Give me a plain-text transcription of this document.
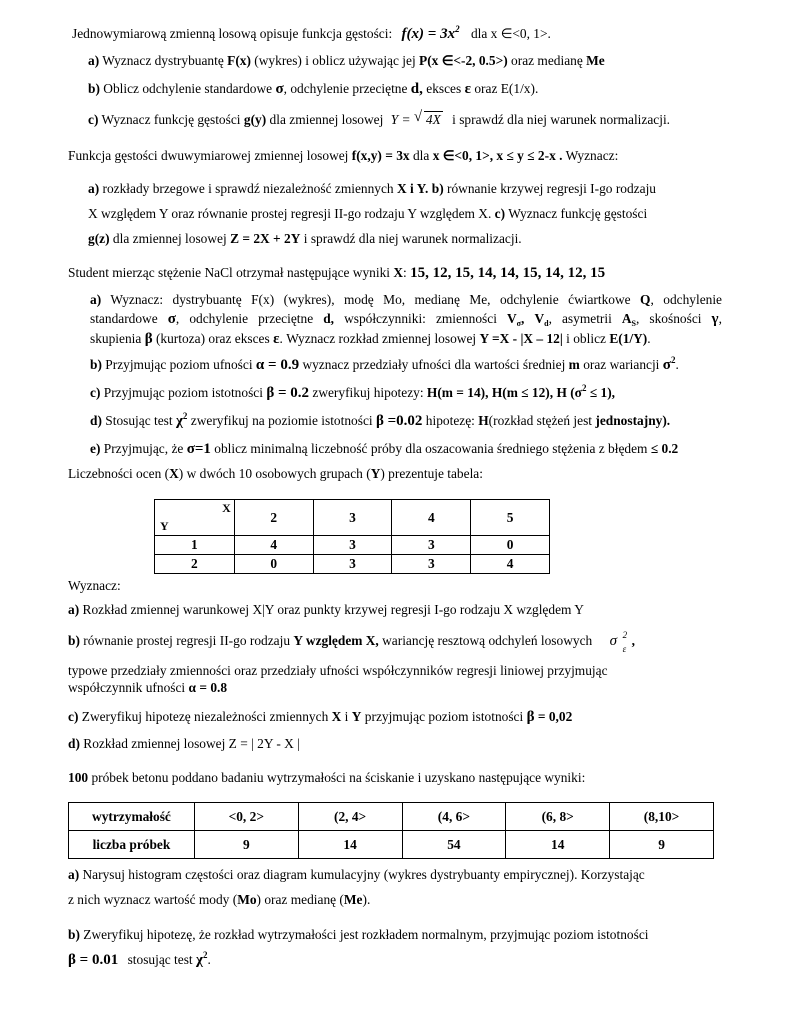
Jednowymiarową zmienną losową opisuje funkcja gęstości: $f(x) = 3x^2$ dla x ∈<0, 1>.
a) Wyznacz dystrybuantę F(x) (wykres) i oblicz używając jej P(x ∈<-2, 0.5>) oraz medianę Me
b) Oblicz odchylenie standardowe σ, odchylenie przeciętne d, eksces ε oraz E(1/x).
c) Wyznacz funkcję gęstości g(y) dla zmiennej losowej Y = √ 4X i sprawdź dla niej warunek normalizacji.
Funkcja gęstości dwuwymiarowej zmiennej losowej f(x,y) = 3x dla x ∈<0, 1>, x ≤ y ≤ 2-x . Wyznacz:
a) rozkłady brzegowe i sprawdź niezależność zmiennych X i Y. b) równanie krzywej regresji I-go rodzaju
X względem Y oraz równanie prostej regresji II-go rodzaju Y względem X. c) Wyznacz funkcję gęstości
g(z) dla zmiennej losowej Z = 2X + 2Y i sprawdź dla niej warunek normalizacji.
Student mierząc stężenie NaCl otrzymał następujące wyniki X: 15, 12, 15, 14, 14, 15, 14, 12, 15
a) Wyznacz: dystrybuantę F(x) (wykres), modę Mo, medianę Me, odchylenie ćwiartkowe Q, odchylenie
standardowe σ, odchylenie przeciętne d, współczynniki: zmienności $V_\sigma$, $V_d$, asymetrii $A_S$, skośności γ,
skupienia β (kurtoza) oraz eksces ε. Wyznacz rozkład zmiennej losowej Y =X - |X – 12| i oblicz E(1/Y).
b) Przyjmując poziom ufności α = 0.9 wyznacz przedziały ufności dla wartości średniej m oraz wariancji $\sigma^2$.
c) Przyjmując poziom istotności β = 0.2 zweryfikuj hipotezy: H(m = 14), H(m ≤ 12), H $(\sigma^2 \le 1)$,
d) Stosując test $\chi^2$ zweryfikuj na poziomie istotności β =0.02 hipotezę: H(rozkład stężeń jest jednostajny).
e) Przyjmując, że σ=1 oblicz minimalną liczebność próby dla oszacowania średniego stężenia z błędem ≤ 0.2
Liczebności ocen (X) w dwóch 10 osobowych grupach (Y) prezentuje tabela:
X
Y	2	3	4	5
1	4	3	3	0
2	0	3	3	4
Wyznacz:
a) Rozkład zmiennej warunkowej X|Y oraz punkty krzywej regresji I-go rodzaju X względem Y
b) równanie prostej regresji II-go rodzaju Y względem X, wariancję resztową odchyleń losowych σ 2
ε
,
typowe przedziały zmienności oraz przedziały ufności współczynników regresji liniowej przyjmując
współczynnik ufności α = 0.8
c) Zweryfikuj hipotezę niezależności zmiennych X i Y przyjmując poziom istotności β = 0,02
d) Rozkład zmiennej losowej Z = | 2Y - X |
100 próbek betonu poddano badaniu wytrzymałości na ściskanie i uzyskano następujące wyniki:
wytrzymałość	<0, 2>	(2, 4>	(4, 6>	(6, 8>	(8,10>
liczba próbek	9	14	54	14	9
a) Narysuj histogram częstości oraz diagram kumulacyjny (wykres dystrybuanty empirycznej). Korzystając
z nich wyznacz wartość mody (Mo) oraz medianę (Me).
b) Zweryfikuj hipotezę, że rozkład wytrzymałości jest rozkładem normalnym, przyjmując poziom istotności
β = 0.01 stosując test $\chi^2$.
